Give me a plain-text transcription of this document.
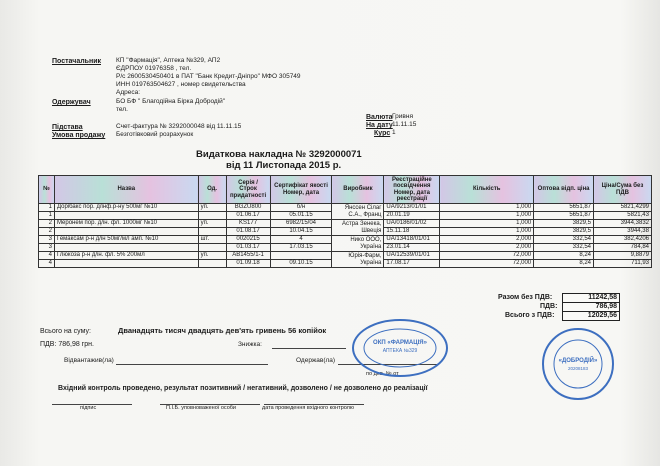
Постачальник КП "Фармація", Аптека №329, АП2
ЄДРПОУ 01976358 , тел.
Р/с 2600530450401 в ПАТ "Банк Кредит-Дніпро" МФО 305749
ИНН 019763504627 , номер свидетельства
Адреса:
Одержувач	БО БФ " Благодійна Бірка Добродій"
тел.
Підстава	Счет-фактура № 3292000048 від 11.11.15
Умова продажу Безготівковий розрахунок
Валюта Гривня
На дату 11.11.15
Курс 1
Видаткова накладна № 3292000071
від 11 Листопада 2015 р.
№	Назва	Од.	Серія / Строк придатності	Сертифікат якості Номер, дата	Виробник	Реєстраційне посвідчення Номер, дата реєстрації	Кількість	Оптова відп. ціна	Ціна/Сума без ПДВ
1	Дорібакс пор. д/інф.р-ну 500мг №10	уп.	BGZU800	б/н	Янссен Ciлаг С.А., Франц	UA/9213/01/01	1,000	5651,87	5821,4299
1			01.06.17	05.01.15		20.01.19	1,000	5651,87	5821,43
2	Меронем пор. д/ін. фл. 1000мг №10	уп.	KS177	6982/15/04	Астра Зенека, Швеція	UA/0186/01/02	1,000	3829,5	3944,3832
2			01.08.17	10.04.15		15.11.18	1,000	3829,5	3944,38
3	Гемаксам р-н д/ін 50мг/мл амп. №10	шт.	0020215	4	Нико ООО, Україна	UA/13418/01/01	2,000	332,54	382,4206
3			01.03.17	17.03.15		23.01.14	2,000	332,54	784,84
4	Глюкоза р-н д/ін. фл. 5% 200мл	уп.	АВ1455/1-1		Юрія-Фарм, Україна	UA/12539/01/01	72,000	8,24	9,8879
4			01.09.18	09.10.15		17.08.17	72,000	8,24	711,93
Разом без ПДВ:	11242,58
ПДВ:	786,98
Всього з ПДВ:	12029,56
Всього на суму:	Дванадцять тисяч двадцять дев'ять гривень 56 копійок
ПДВ: 786,98 грн.	Знижка:
Відвантажив(ла)	Одержав(ла)
по дов. № от
Вхідний контроль проведено, результат позитивний / негативний, дозволено / не дозволено до реалізації
підпис	П.І.Б. уповноваженої особи	дата проведення вхідного контролю
ОКП «ФАРМАЦІЯ»
АПТЕКА №329
«ДОБРОДІЙ»
20208183
